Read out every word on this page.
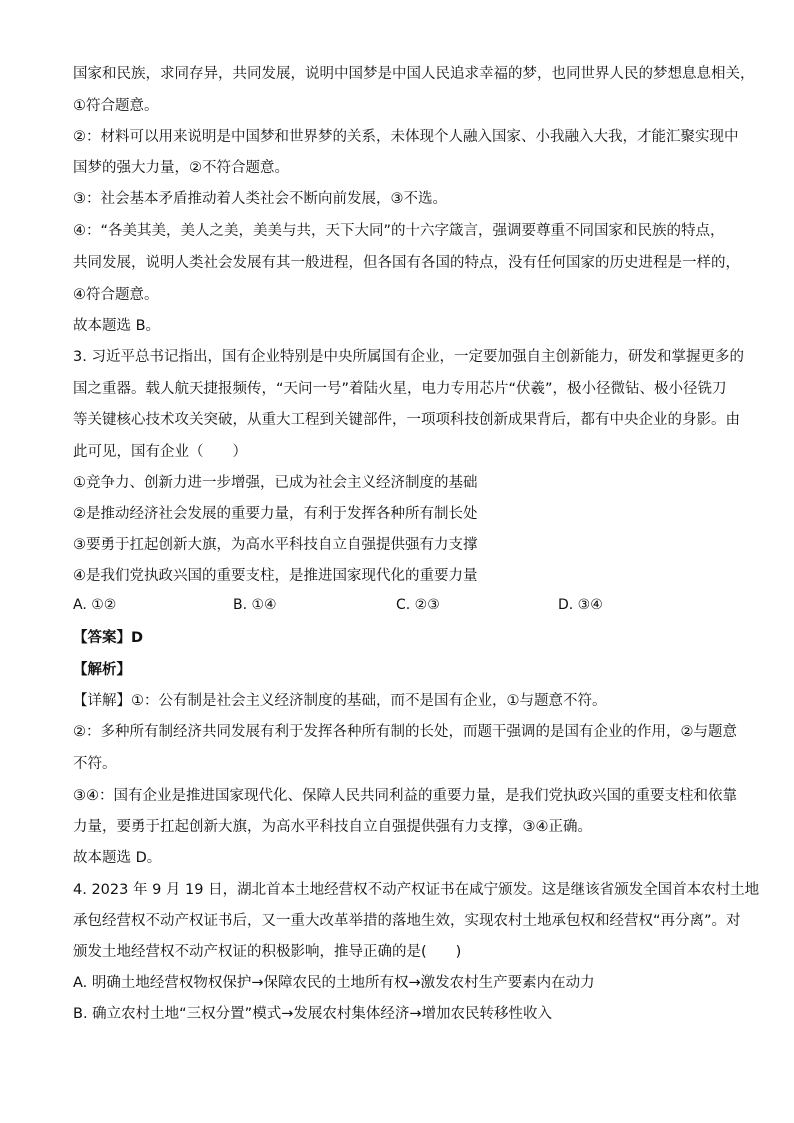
国家和民族，求同存异，共同发展，说明中国梦是中国人民追求幸福的梦，也同世界人民的梦想息息相关，
①符合题意。
②：材料可以用来说明是中国梦和世界梦的关系，未体现个人融入国家、小我融入大我，才能汇聚实现中
国梦的强大力量，②不符合题意。
③：社会基本矛盾推动着人类社会不断向前发展，③不选。
④：“各美其美，美人之美，美美与共，天下大同”的十六字箴言，强调要尊重不同国家和民族的特点，
共同发展，说明人类社会发展有其一般进程，但各国有各国的特点，没有任何国家的历史进程是一样的，
④符合题意。
故本题选 B。
3. 习近平总书记指出，国有企业特别是中央所属国有企业，一定要加强自主创新能力，研发和掌握更多的
国之重器。载人航天捷报频传，“天问一号”着陆火星，电力专用芯片“伏羲”，极小径微钻、极小径铣刀
等关键核心技术攻关突破，从重大工程到关键部件，一项项科技创新成果背后，都有中央企业的身影。由
此可见，国有企业（　　）
①竞争力、创新力进一步增强，已成为社会主义经济制度的基础
②是推动经济社会发展的重要力量，有利于发挥各种所有制长处
③要勇于扛起创新大旗，为高水平科技自立自强提供强有力支撑
④是我们党执政兴国的重要支柱，是推进国家现代化的重要力量
A. ①②	B. ①④	C. ②③	D. ③④
【答案】D
【解析】
【详解】①：公有制是社会主义经济制度的基础，而不是国有企业，①与题意不符。
②：多种所有制经济共同发展有利于发挥各种所有制的长处，而题干强调的是国有企业的作用，②与题意
不符。
③④：国有企业是推进国家现代化、保障人民共同利益的重要力量，是我们党执政兴国的重要支柱和依靠
力量，要勇于扛起创新大旗，为高水平科技自立自强提供强有力支撑，③④正确。
故本题选 D。
4. 2023 年 9 月 19 日，湖北首本土地经营权不动产权证书在咸宁颁发。这是继该省颁发全国首本农村土地
承包经营权不动产权证书后，又一重大改革举措的落地生效，实现农村土地承包权和经营权“再分离”。对
颁发土地经营权不动产权证的积极影响，推导正确的是(　　)
A. 明确土地经营权物权保护→保障农民的土地所有权→激发农村生产要素内在动力
B. 确立农村土地“三权分置”模式→发展农村集体经济→增加农民转移性收入
